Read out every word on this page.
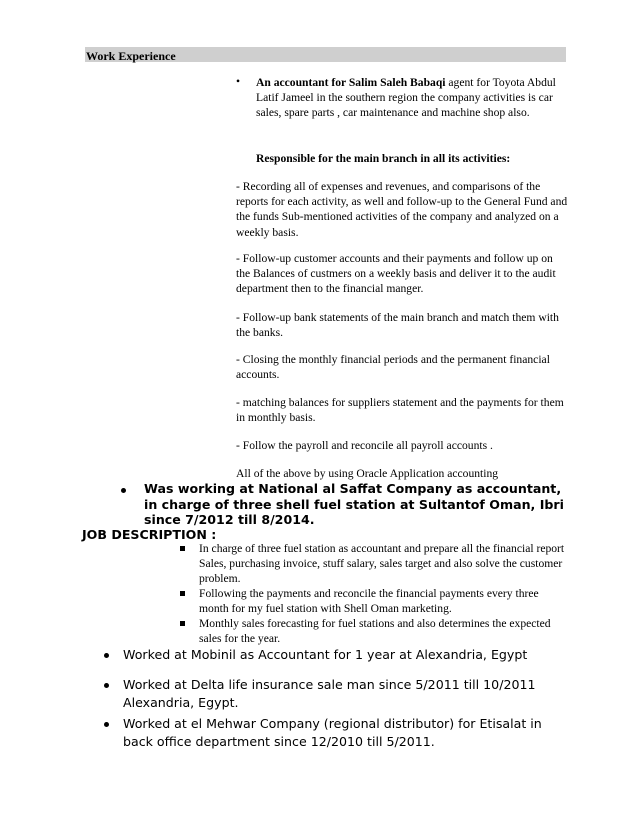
Work Experience
• An accountant for Salim Saleh Babaqi agent for Toyota Abdul Latif Jameel in the southern region the company activities is car sales, spare parts , car maintenance and machine shop also.

Responsible for the main branch in all its activities:

- Recording all of expenses and revenues, and comparisons of the reports for each activity, as well and follow-up to the General Fund and the funds Sub-mentioned activities of the company and analyzed on a weekly basis.

- Follow-up customer accounts and their payments and follow up on the Balances of custmers on a weekly basis and deliver it to the audit department then to the financial manger.

- Follow-up bank statements of the main branch and match them with the banks.

- Closing the monthly financial periods and the permanent financial accounts.

- matching balances for suppliers statement and the payments for them in monthly basis.

- Follow the payroll and reconcile all payroll accounts .

All of the above by using Oracle Application accounting

Was working at National al Saffat Company as accountant, in charge of three shell fuel station at Sultantof Oman, Ibri since 7/2012 till 8/2014.

JOB DESCRIPTION :

In charge of three fuel station as accountant and prepare all the financial report Sales, purchasing invoice, stuff salary, sales target and also solve the customer problem.

Following the payments and reconcile the financial payments every three month for my fuel station with Shell Oman marketing.

Monthly sales forecasting for fuel stations and also determines the expected sales for the year.

Worked at Mobinil as Accountant for 1 year at Alexandria, Egypt

Worked at Delta life insurance sale man since 5/2011 till 10/2011 Alexandria, Egypt.

Worked at el Mehwar Company (regional distributor) for Etisalat in back office department since 12/2010 till 5/2011.
